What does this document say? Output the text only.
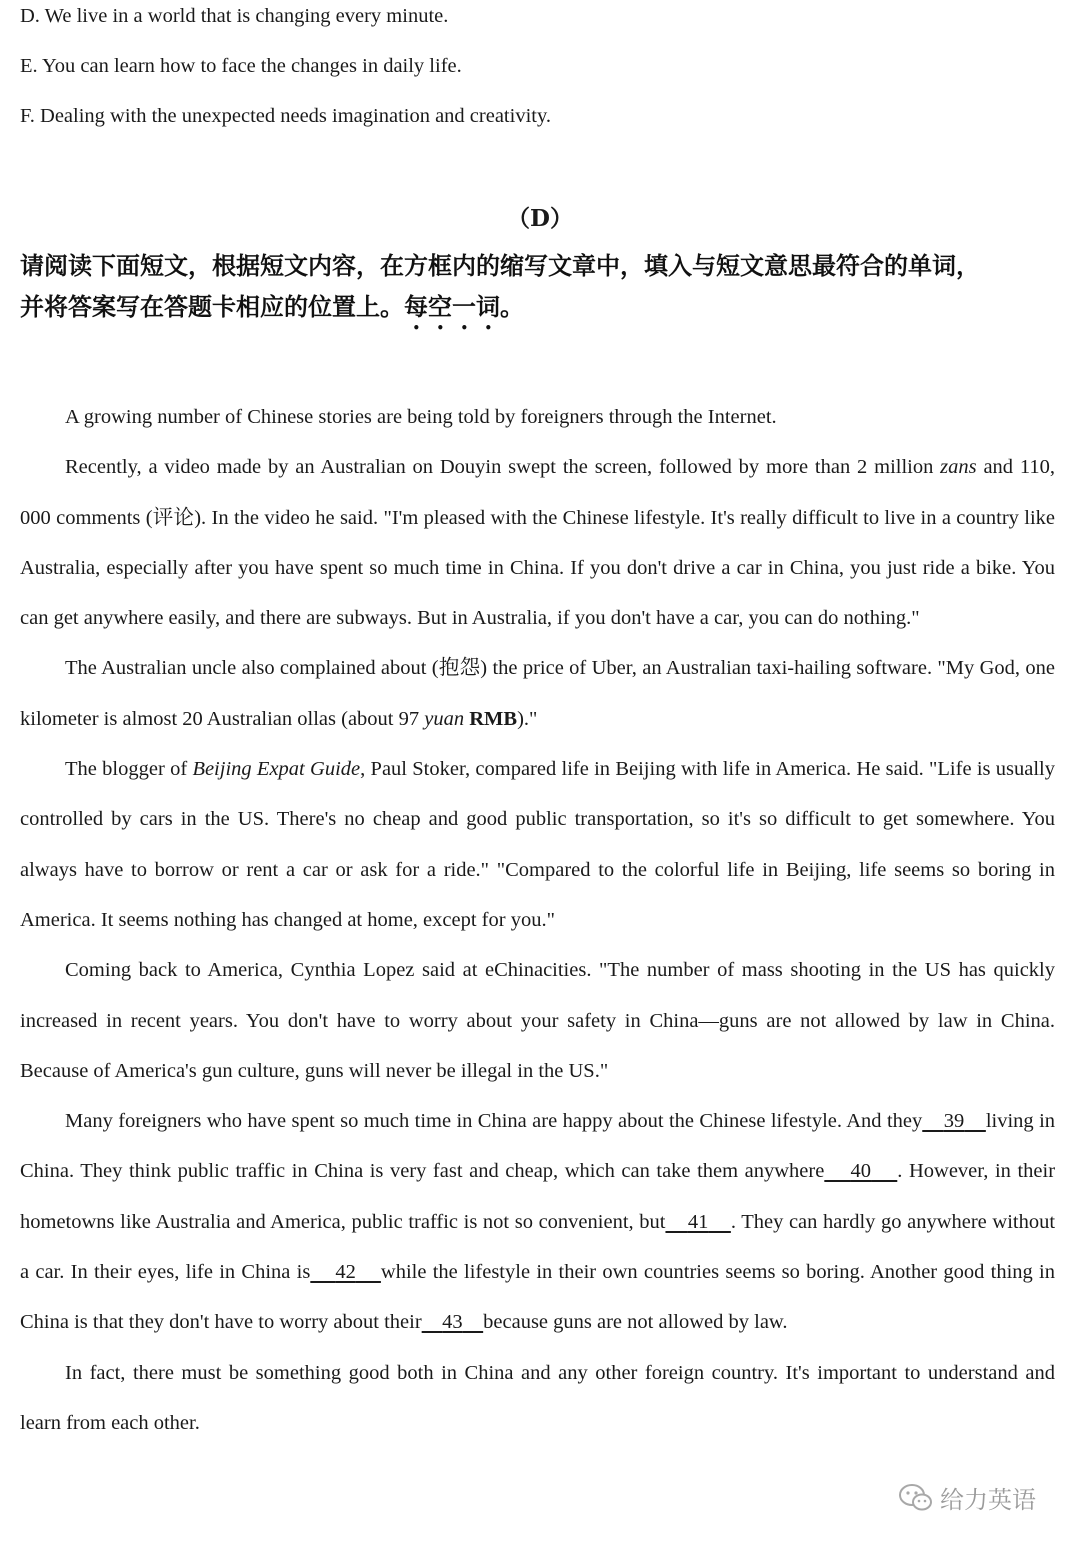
D. We live in a world that is changing every minute.
E. You can learn how to face the changes in daily life.
F. Dealing with the unexpected needs imagination and creativity.
（D）
请阅读下面短文，根据短文内容，在方框内的缩写文章中，填入与短文意思最符合的单词，
并将答案写在答题卡相应的位置上。每空一词。

A growing number of Chinese stories are being told by foreigners through the Internet.

Recently, a video made by an Australian on Douyin swept the screen, followed by more than 2 million zans and 110, 000 comments (评论). In the video he said. "I'm pleased with the Chinese lifestyle. It's really difficult to live in a country like Australia, especially after you have spent so much time in China. If you don't drive a car in China, you just ride a bike. You can get anywhere easily, and there are subways. But in Australia, if you don't have a car, you can do nothing."

The Australian uncle also complained about (抱怨) the price of Uber, an Australian taxi-hailing software. "My God, one kilometer is almost 20 Australian ollas (about 97 yuan RMB)."

The blogger of Beijing Expat Guide, Paul Stoker, compared life in Beijing with life in America. He said. "Life is usually controlled by cars in the US. There's no cheap and good public transportation, so it's so difficult to get somewhere. You always have to borrow or rent a car or ask for a ride." "Compared to the colorful life in Beijing, life seems so boring in America. It seems nothing has changed at home, except for you."

Coming back to America, Cynthia Lopez said at eChinacities. "The number of mass shooting in the US has quickly increased in recent years. You don't have to worry about your safety in China—guns are not allowed by law in China. Because of America's gun culture, guns will never be illegal in the US."

Many foreigners who have spent so much time in China are happy about the Chinese lifestyle. And they 39 living in China. They think public traffic in China is very fast and cheap, which can take them anywhere 40 . However, in their hometowns like Australia and America, public traffic is not so convenient, but 41 . They can hardly go anywhere without a car. In their eyes, life in China is 42 while the lifestyle in their own countries seems so boring. Another good thing in China is that they don't have to worry about their 43 because guns are not allowed by law.

In fact, there must be something good both in China and any other foreign country. It's important to understand and learn from each other.

给力英语
